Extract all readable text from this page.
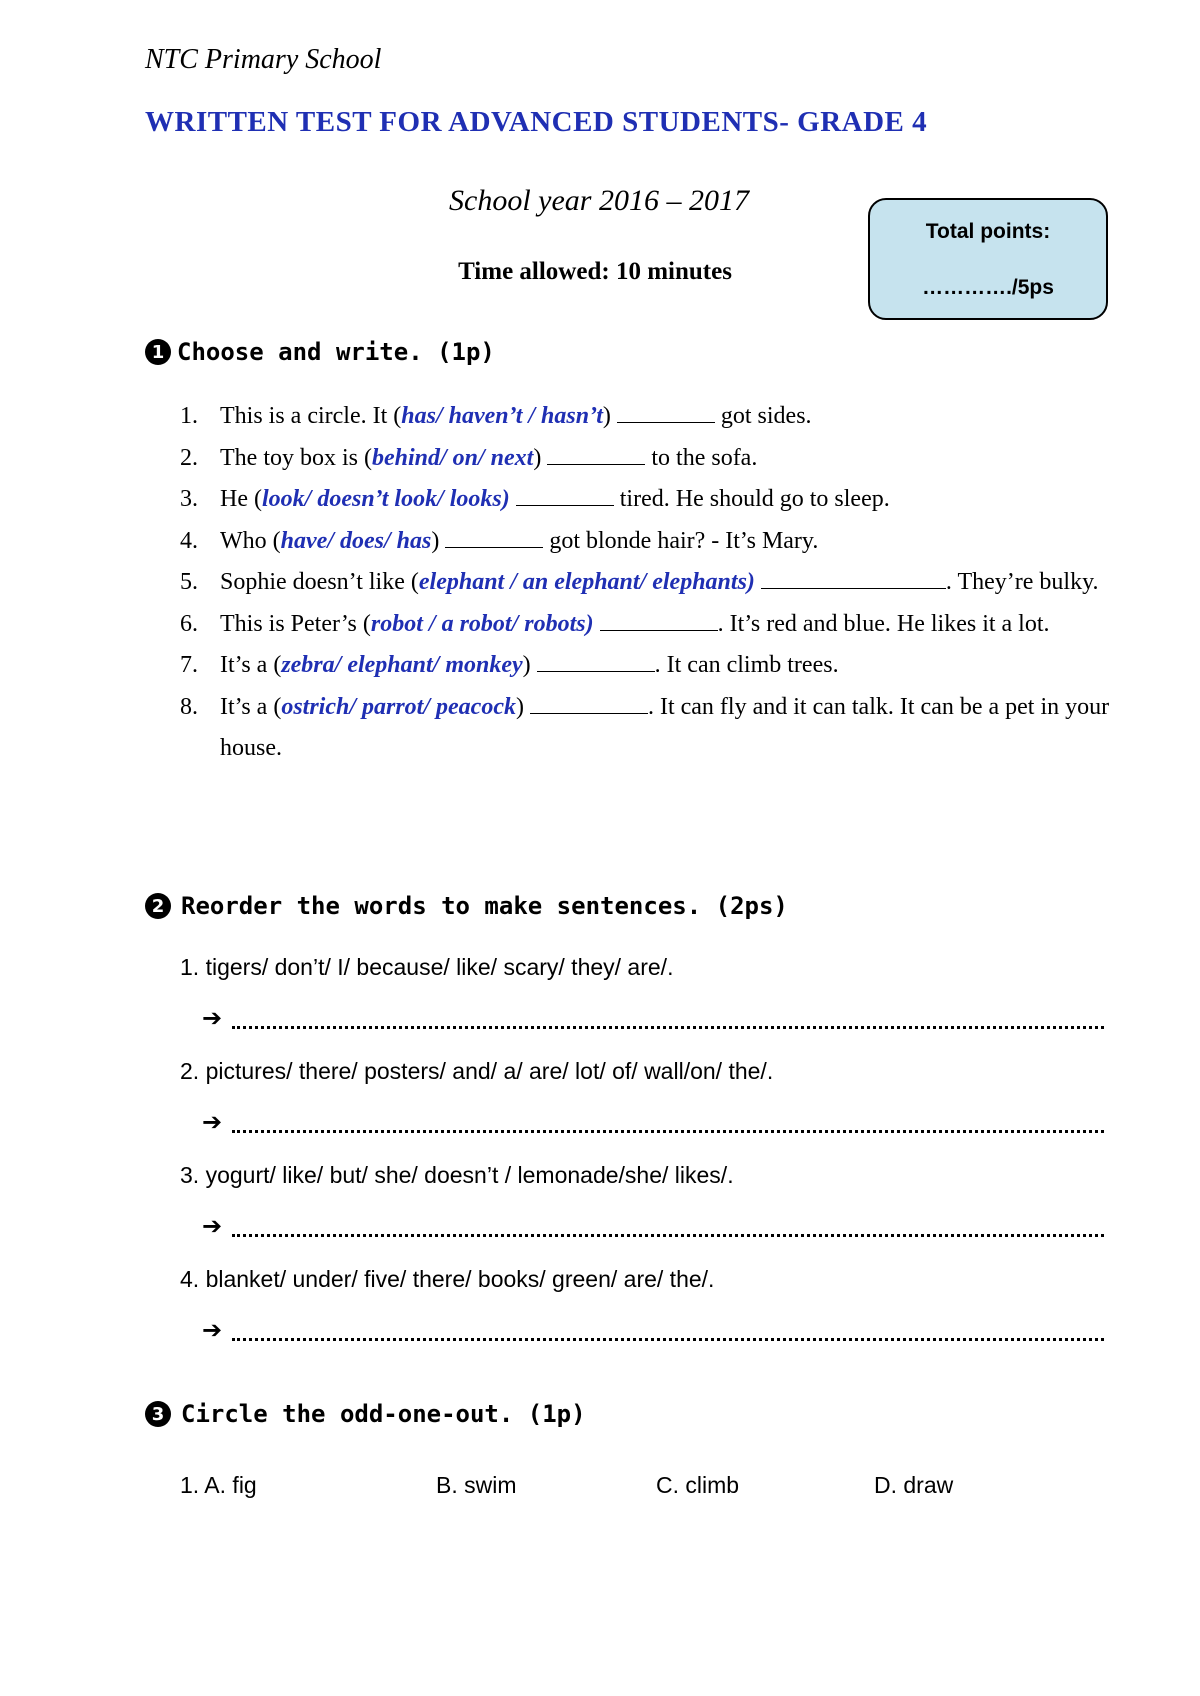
NTC Primary School
WRITTEN TEST FOR ADVANCED STUDENTS- GRADE 4
School year 2016 – 2017
Time allowed: 10 minutes
Total points:
…………./5ps
1 Choose and write. (1p)
1. This is a circle. It (has/ haven’t / hasn’t)	got sides.
2. The toy box is (behind/ on/ next)	to the sofa.
3. He (look/ doesn’t look/ looks)	tired. He should go to sleep.
4. Who (have/ does/ has)	got blonde hair? - It’s Mary.
5. Sophie doesn’t like (elephant / an elephant/ elephants)	. They’re bulky.
6. This is Peter’s (robot / a robot/ robots)	. It’s red and blue. He likes it a lot.
7. It’s a (zebra/ elephant/ monkey)	. It can climb trees.
8. It’s a (ostrich/ parrot/ peacock)	. It can fly and it can talk. It can be a pet in your house.
2 Reorder the words to make sentences. (2ps)
1. tigers/ don’t/ I/ because/ like/ scary/ they/ are/.
➔
2. pictures/ there/ posters/ and/ a/ are/ lot/ of/ wall/on/ the/.
➔
3. yogurt/ like/ but/ she/ doesn’t / lemonade/she/ likes/.
➔
4. blanket/ under/ five/ there/ books/ green/ are/ the/.
➔
3 Circle the odd-one-out. (1p)
1. A. fig	B. swim	C. climb	D. draw
